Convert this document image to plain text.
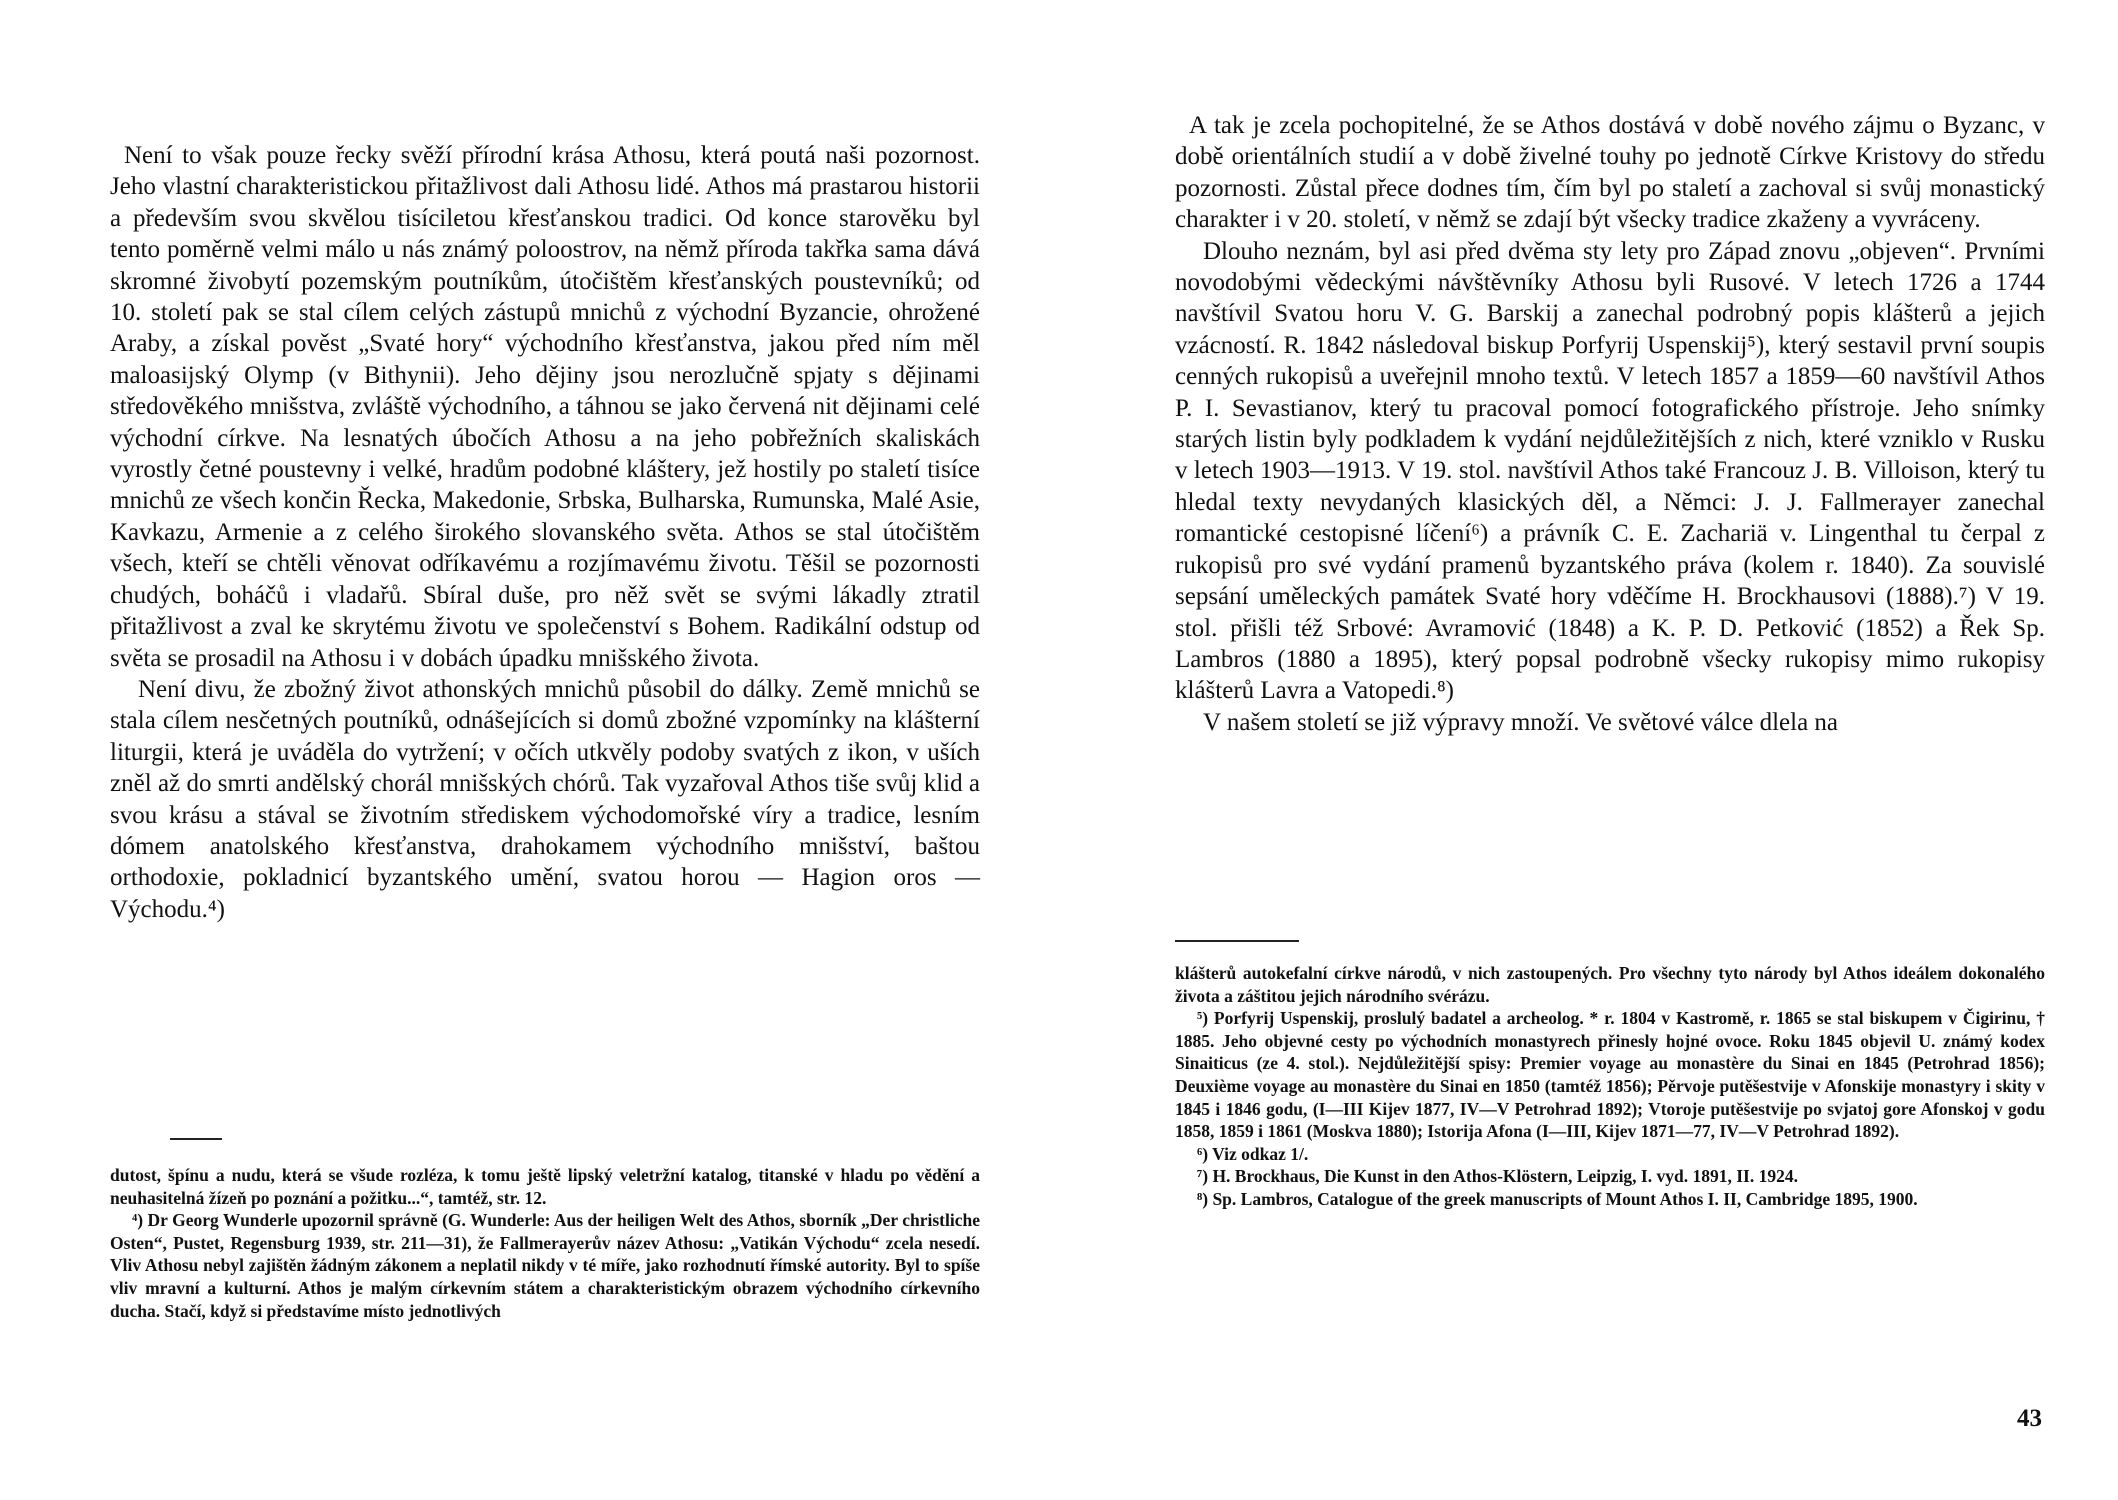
Není to však pouze řecky svěží přírodní krása Athosu, která poutá naši pozornost. Jeho vlastní charakteristickou přitažlivost dali Athosu lidé. Athos má prastarou historii a především svou skvělou tisíciletou křesťanskou tradici. Od konce starověku byl tento poměrně velmi málo u nás známý poloostrov, na němž příroda takřka sama dává skromné živobytí pozemským poutníkům, útočištěm křesťanských poustevníků; od 10. století pak se stal cílem celých zástupů mnichů z východní Byzancie, ohrožené Araby, a získal pověst „Svaté hory“ východního křesťanstva, jakou před ním měl maloasijský Olymp (v Bithynii). Jeho dějiny jsou nerozlučně spjaty s dějinami středověkého mnišstva, zvláště východního, a táhnou se jako červená nit dějinami celé východní církve. Na lesnatých úbočích Athosu a na jeho pobřežních skaliskách vyrostly četné poustevny i velké, hradům podobné kláštery, jež hostily po staletí tisíce mnichů ze všech končin Řecka, Makedonie, Srbska, Bulharska, Rumunska, Malé Asie, Kavkazu, Armenie a z celého širokého slovanského světa. Athos se stal útočištěm všech, kteří se chtěli věnovat odříkavému a rozjímavému životu. Těšil se pozornosti chudých, boháčů i vladařů. Sbíral duše, pro něž svět se svými lákadly ztratil přitažlivost a zval ke skrytému životu ve společenství s Bohem. Radikální odstup od světa se prosadil na Athosu i v dobách úpadku mnišského života.

Není divu, že zbožný život athonských mnichů působil do dálky. Země mnichů se stala cílem nesčetných poutníků, odnášejících si domů zbožné vzpomínky na klášterní liturgii, která je uváděla do vytržení; v očích utkvěly podoby svatých z ikon, v uších zněl až do smrti andělský chorál mnišských chórů. Tak vyzařoval Athos tiše svůj klid a svou krásu a stával se životním střediskem východomořské víry a tradice, lesním dómem anatolského křesťanstva, drahokamem východního mnišství, baštou orthodoxie, pokladnicí byzantského umění, svatou horou — Hagion oros — Východu.⁴)

dutost, špínu a nudu, která se všude rozléza, k tomu ještě lipský veletržní katalog, titanské v hladu po vědění a neuhasitelná žízeň po poznání a požitku...“, tamtéž, str. 12.

⁴) Dr Georg Wunderle upozornil správně (G. Wunderle: Aus der heiligen Welt des Athos, sborník „Der christliche Osten“, Pustet, Regensburg 1939, str. 211—31), že Fallmerayerův název Athosu: „Vatikán Východu“ zcela nesedí. Vliv Athosu nebyl zajištěn žádným zákonem a neplatil nikdy v té míře, jako rozhodnutí římské autority. Byl to spíše vliv mravní a kulturní. Athos je malým církevním státem a charakteristickým obrazem východního církevního ducha. Stačí, když si představíme místo jednotlivých

A tak je zcela pochopitelné, že se Athos dostává v době nového zájmu o Byzanc, v době orientálních studií a v době živelné touhy po jednotě Církve Kristovy do středu pozornosti. Zůstal přece dodnes tím, čím byl po staletí a zachoval si svůj monastický charakter i v 20. století, v němž se zdají být všecky tradice zkaženy a vyvráceny.

Dlouho neznám, byl asi před dvěma sty lety pro Západ znovu „objeven“. Prvními novodobými vědeckými návštěvníky Athosu byli Rusové. V letech 1726 a 1744 navštívil Svatou horu V. G. Barskij a zanechal podrobný popis klášterů a jejich vzácností. R. 1842 následoval biskup Porfyrij Uspenskij⁵), který sestavil první soupis cenných rukopisů a uveřejnil mnoho textů. V letech 1857 a 1859—60 navštívil Athos P. I. Sevastianov, který tu pracoval pomocí fotografického přístroje. Jeho snímky starých listin byly podkladem k vydání nejdůležitějších z nich, které vzniklo v Rusku v letech 1903—1913. V 19. stol. navštívil Athos také Francouz J. B. Villoison, který tu hledal texty nevydaných klasických děl, a Němci: J. J. Fallmerayer zanechal romantické cestopisné líčení⁶) a právník C. E. Zachariä v. Lingenthal tu čerpal z rukopisů pro své vydání pramenů byzantského práva (kolem r. 1840). Za souvislé sepsání uměleckých památek Svaté hory vděčíme H. Brockhausovi (1888).⁷) V 19. stol. přišli též Srbové: Avramović (1848) a K. P. D. Petković (1852) a Řek Sp. Lambros (1880 a 1895), který popsal podrobně všecky rukopisy mimo rukopisy klášterů Lavra a Vatopedi.⁸)

V našem století se již výpravy množí. Ve světové válce dlela na

klášterů autokefalní církve národů, v nich zastoupených. Pro všechny tyto národy byl Athos ideálem dokonalého života a záštitou jejich národního svérázu.

⁵) Porfyrij Uspenskij, proslulý badatel a archeolog. * r. 1804 v Kastromě, r. 1865 se stal biskupem v Čigirinu, † 1885. Jeho objevné cesty po východních monastyrech přinesly hojné ovoce. Roku 1845 objevil U. známý kodex Sinaiticus (ze 4. stol.). Nejdůležitější spisy: Premier voyage au monastère du Sinai en 1845 (Petrohrad 1856); Deuxième voyage au monastère du Sinai en 1850 (tamtéž 1856); Pěrvoje putěšestvije v Afonskije monastyry i skity v 1845 i 1846 godu, (I—III Kijev 1877, IV—V Petrohrad 1892); Vtoroje putěšestvije po svjatoj gore Afonskoj v godu 1858, 1859 i 1861 (Moskva 1880); Istorija Afona (I—III, Kijev 1871—77, IV—V Petrohrad 1892).

⁶) Viz odkaz 1/.

⁷) H. Brockhaus, Die Kunst in den Athos-Klöstern, Leipzig, I. vyd. 1891, II. 1924.

⁸) Sp. Lambros, Catalogue of the greek manuscripts of Mount Athos I. II, Cambridge 1895, 1900.

43
